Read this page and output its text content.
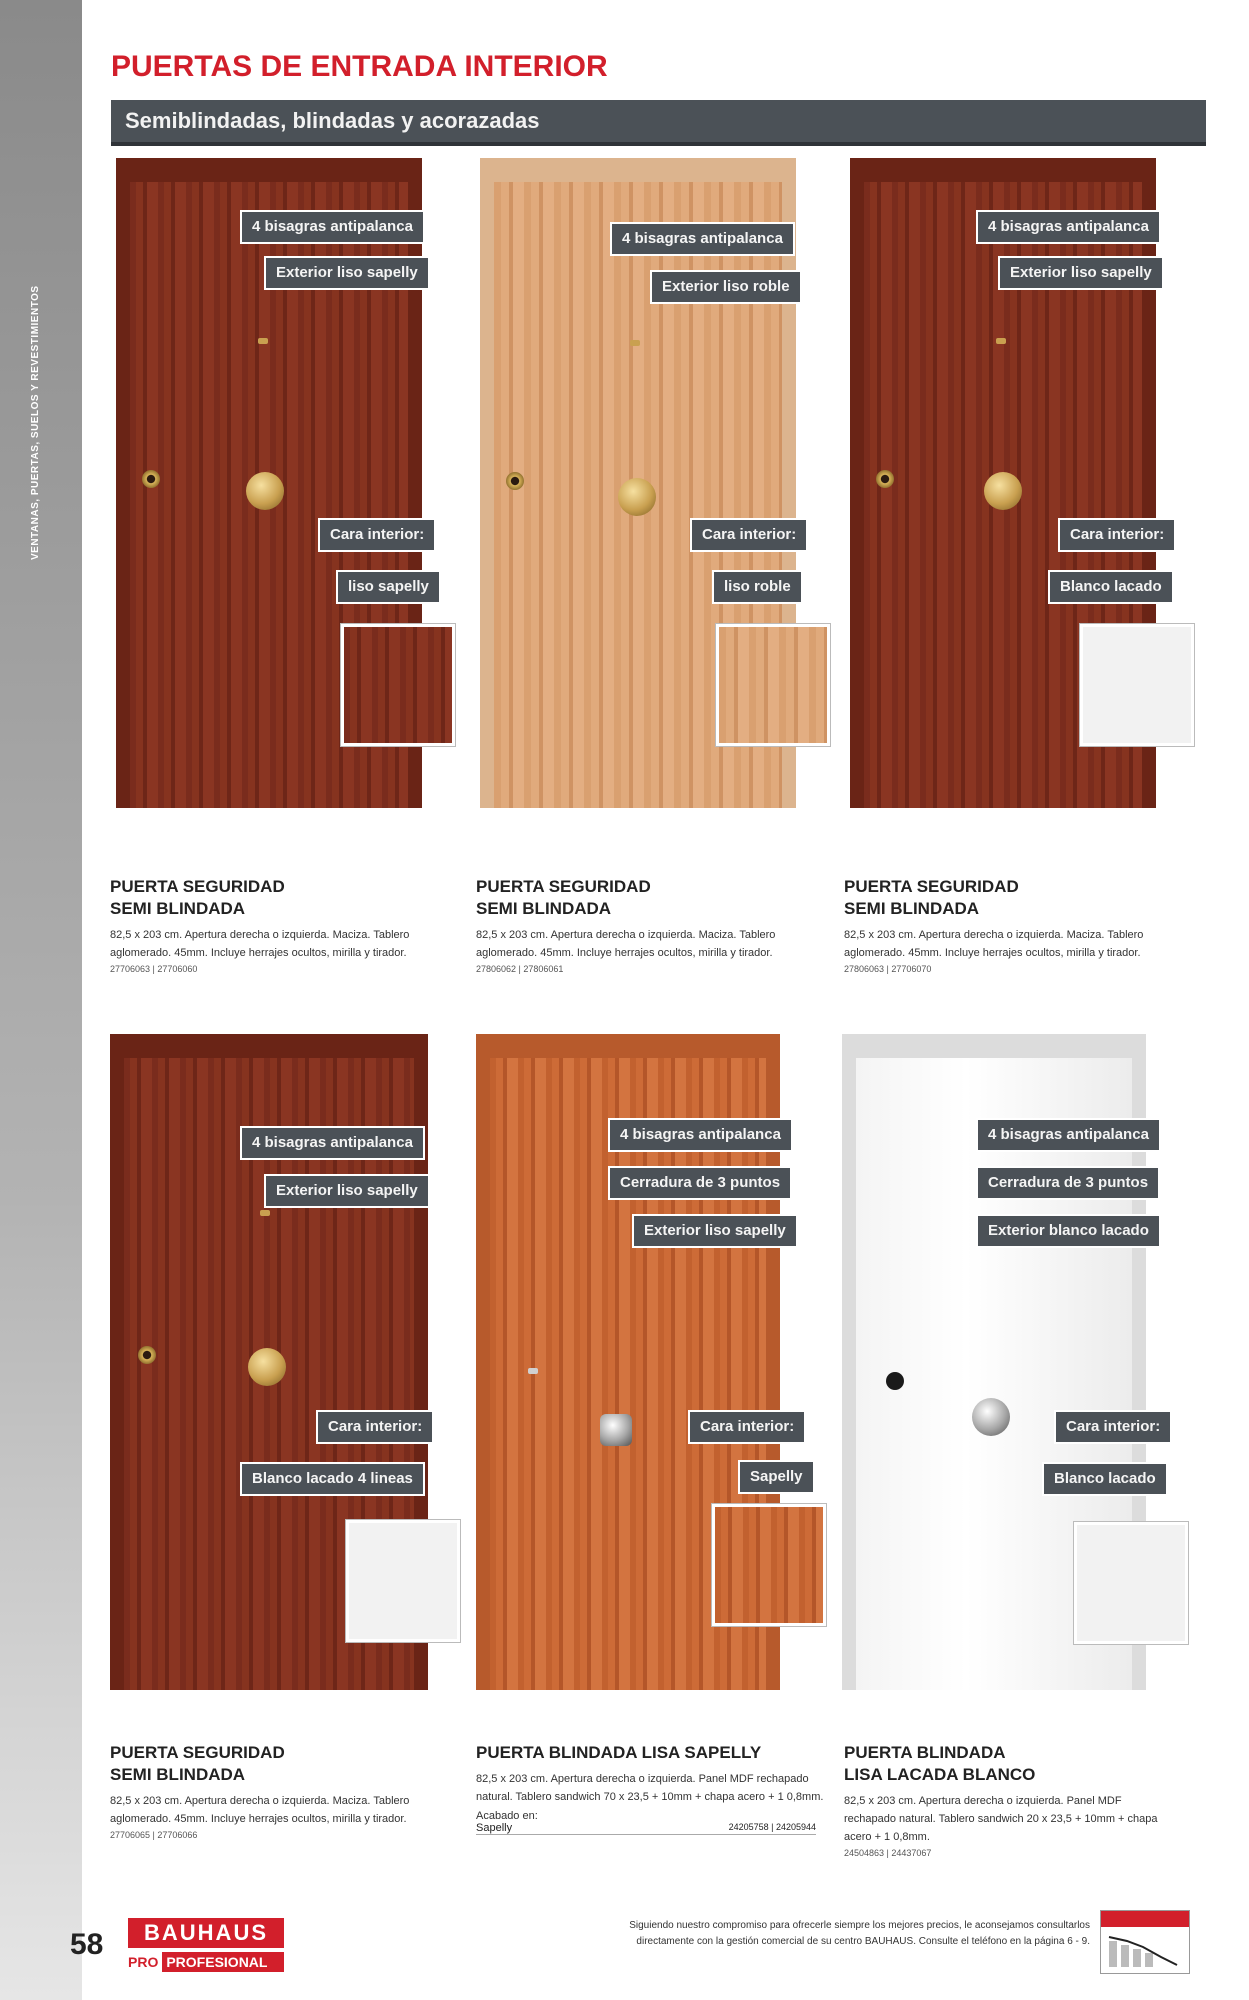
VENTANAS, PUERTAS, SUELOS Y REVESTIMIENTOS
PUERTAS DE ENTRADA INTERIOR
Semiblindadas, blindadas y acorazadas
4 bisagras antipalanca
Exterior liso sapelly
Cara interior:
liso sapelly
4 bisagras antipalanca
Exterior liso roble
Cara interior:
liso roble
4 bisagras antipalanca
Exterior liso sapelly
Cara interior:
Blanco lacado
PUERTA SEGURIDAD
SEMI BLINDADA
82,5 x 203 cm. Apertura derecha o izquierda. Maciza. Tablero aglomerado. 45mm. Incluye herrajes ocultos, mirilla y tirador.
27706063 | 27706060
PUERTA SEGURIDAD
SEMI BLINDADA
82,5 x 203 cm. Apertura derecha o izquierda. Maciza. Tablero aglomerado. 45mm. Incluye herrajes ocultos, mirilla y tirador.
27806062 | 27806061
PUERTA SEGURIDAD
SEMI BLINDADA
82,5 x 203 cm. Apertura derecha o izquierda. Maciza. Tablero aglomerado. 45mm. Incluye herrajes ocultos, mirilla y tirador.
27806063 | 27706070
4 bisagras antipalanca
Exterior liso sapelly
Cara interior:
Blanco lacado 4 lineas
4 bisagras antipalanca
Cerradura de 3 puntos
Exterior liso sapelly
Cara interior:
Sapelly
4 bisagras antipalanca
Cerradura de 3 puntos
Exterior blanco lacado
Cara interior:
Blanco lacado
PUERTA SEGURIDAD
SEMI BLINDADA
82,5 x 203 cm. Apertura derecha o izquierda. Maciza. Tablero aglomerado. 45mm. Incluye herrajes ocultos, mirilla y tirador.
27706065 | 27706066
PUERTA BLINDADA LISA SAPELLY
82,5 x 203 cm. Apertura derecha o izquierda. Panel MDF rechapado natural. Tablero sandwich 70 x 23,5 + 10mm + chapa acero + 1 0,8mm.
Acabado en:
Sapelly	24205758 | 24205944
PUERTA BLINDADA
LISA LACADA BLANCO
82,5 x 203 cm. Apertura derecha o izquierda. Panel MDF rechapado natural. Tablero sandwich 20 x 23,5 + 10mm + chapa acero + 1 0,8mm.
24504863 | 24437067
58	BAUHAUS
PRO PROFESIONAL
Siguiendo nuestro compromiso para ofrecerle siempre los mejores precios, le aconsejamos consultarlos directamente con la gestión comercial de su centro BAUHAUS. Consulte el teléfono en la página 6 - 9.
